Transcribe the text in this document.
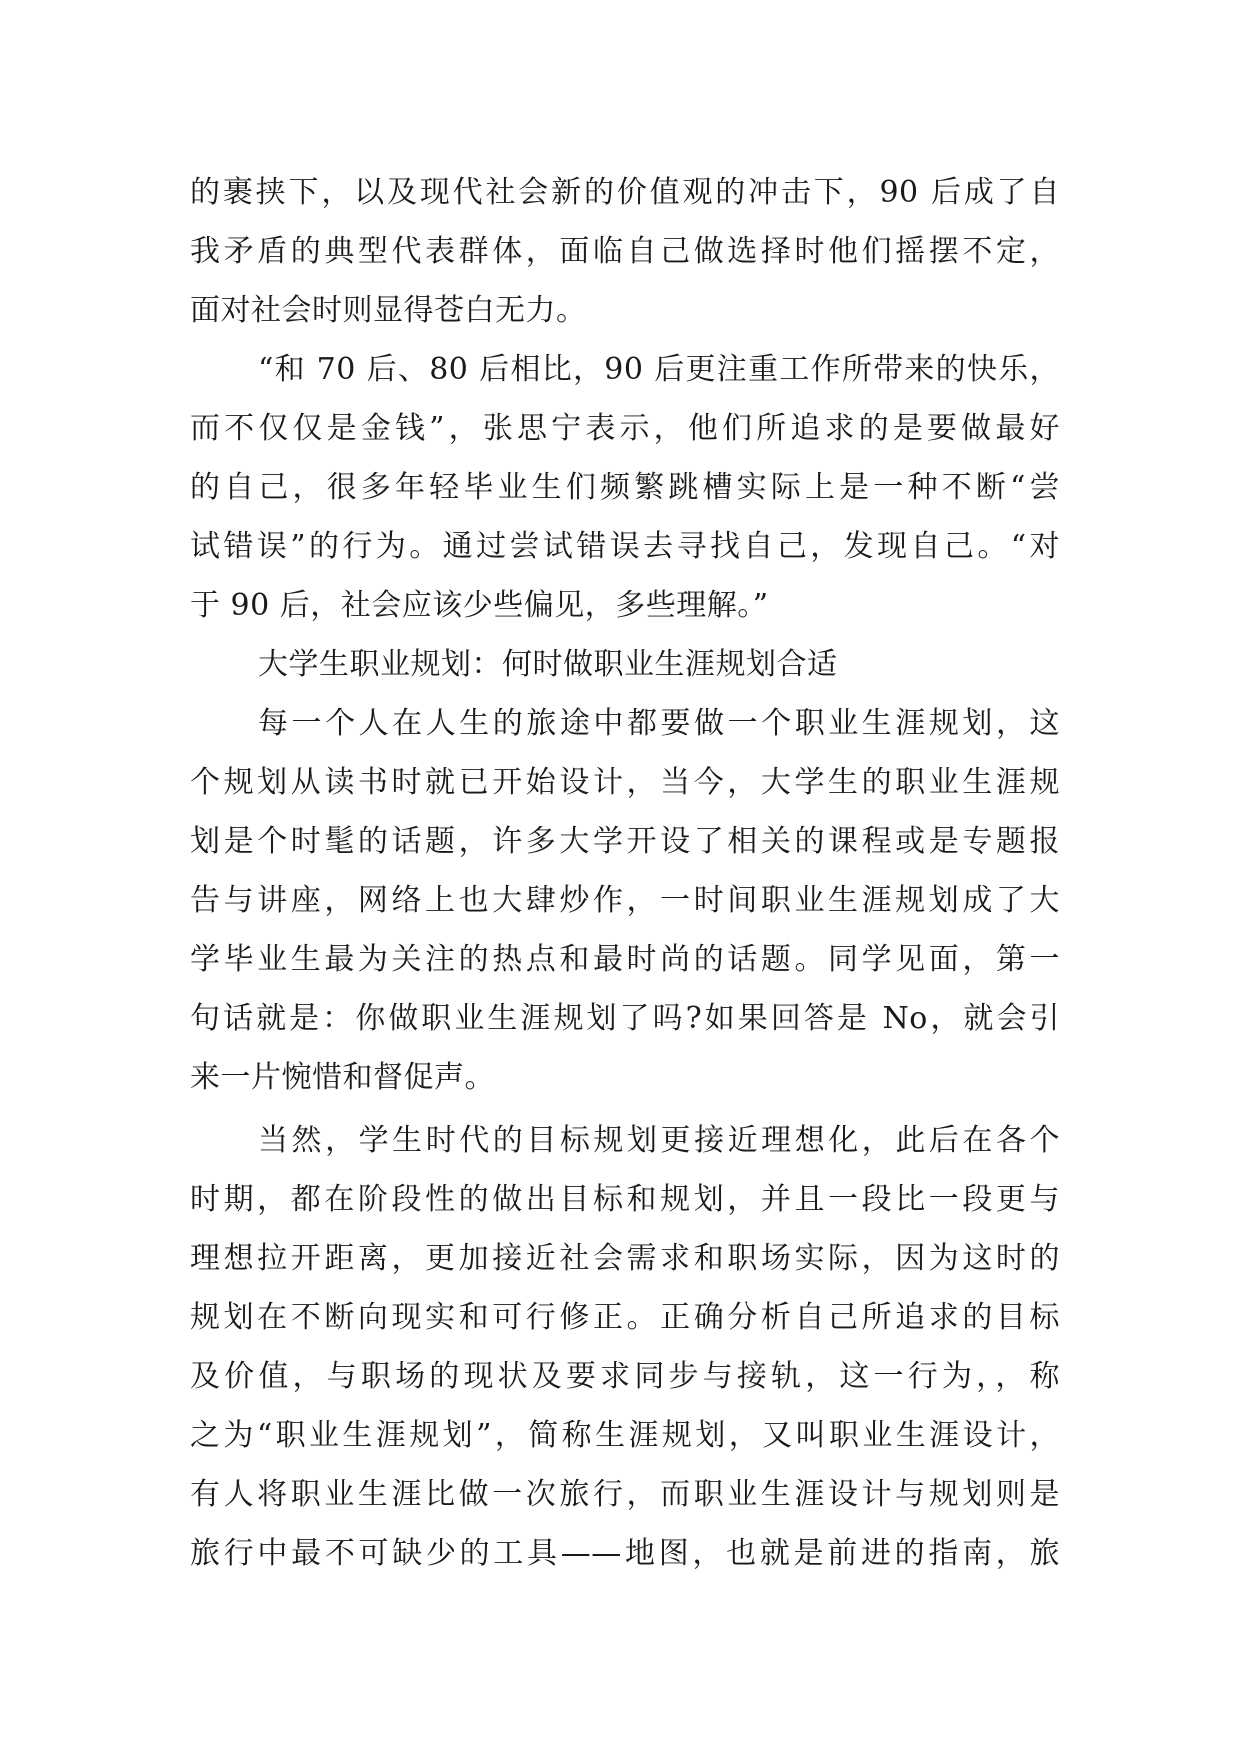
的裹挟下，以及现代社会新的价值观的冲击下，90 后成了自
我矛盾的典型代表群体，面临自己做选择时他们摇摆不定，
面对社会时则显得苍白无力。
“和 70 后、80 后相比，90 后更注重工作所带来的快乐，
而不仅仅是金钱”，张思宁表示，他们所追求的是要做最好
的自己，很多年轻毕业生们频繁跳槽实际上是一种不断“尝
试错误”的行为。通过尝试错误去寻找自己，发现自己。“对
于 90 后，社会应该少些偏见，多些理解。”
大学生职业规划：何时做职业生涯规划合适
每一个人在人生的旅途中都要做一个职业生涯规划，这
个规划从读书时就已开始设计，当今，大学生的职业生涯规
划是个时髦的话题，许多大学开设了相关的课程或是专题报
告与讲座，网络上也大肆炒作，一时间职业生涯规划成了大
学毕业生最为关注的热点和最时尚的话题。同学见面，第一
句话就是：你做职业生涯规划了吗?如果回答是 No，就会引
来一片惋惜和督促声。
当然，学生时代的目标规划更接近理想化，此后在各个
时期，都在阶段性的做出目标和规划，并且一段比一段更与
理想拉开距离，更加接近社会需求和职场实际，因为这时的
规划在不断向现实和可行修正。正确分析自己所追求的目标
及价值，与职场的现状及要求同步与接轨，这一行为，，称
之为“职业生涯规划”，简称生涯规划，又叫职业生涯设计，
有人将职业生涯比做一次旅行，而职业生涯设计与规划则是
旅行中最不可缺少的工具——地图，也就是前进的指南，旅
